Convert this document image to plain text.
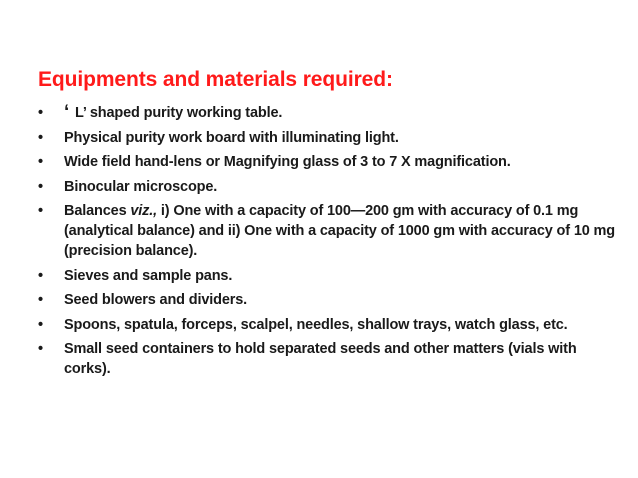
Equipments and materials required:
• ‘ L’ shaped purity working table.
• Physical purity work board with illuminating light.
• Wide field hand-lens or Magnifying glass of 3 to 7 X magnification.
• Binocular microscope.
• Balances viz., i) One with a capacity of 100—200 gm with accuracy of 0.1 mg (analytical balance) and ii) One with a capacity of 1000 gm with accuracy of 10 mg (precision balance).
• Sieves and sample pans.
• Seed blowers and dividers.
• Spoons, spatula, forceps, scalpel, needles, shallow trays, watch glass, etc.
• Small seed containers to hold separated seeds and other matters (vials with corks).
